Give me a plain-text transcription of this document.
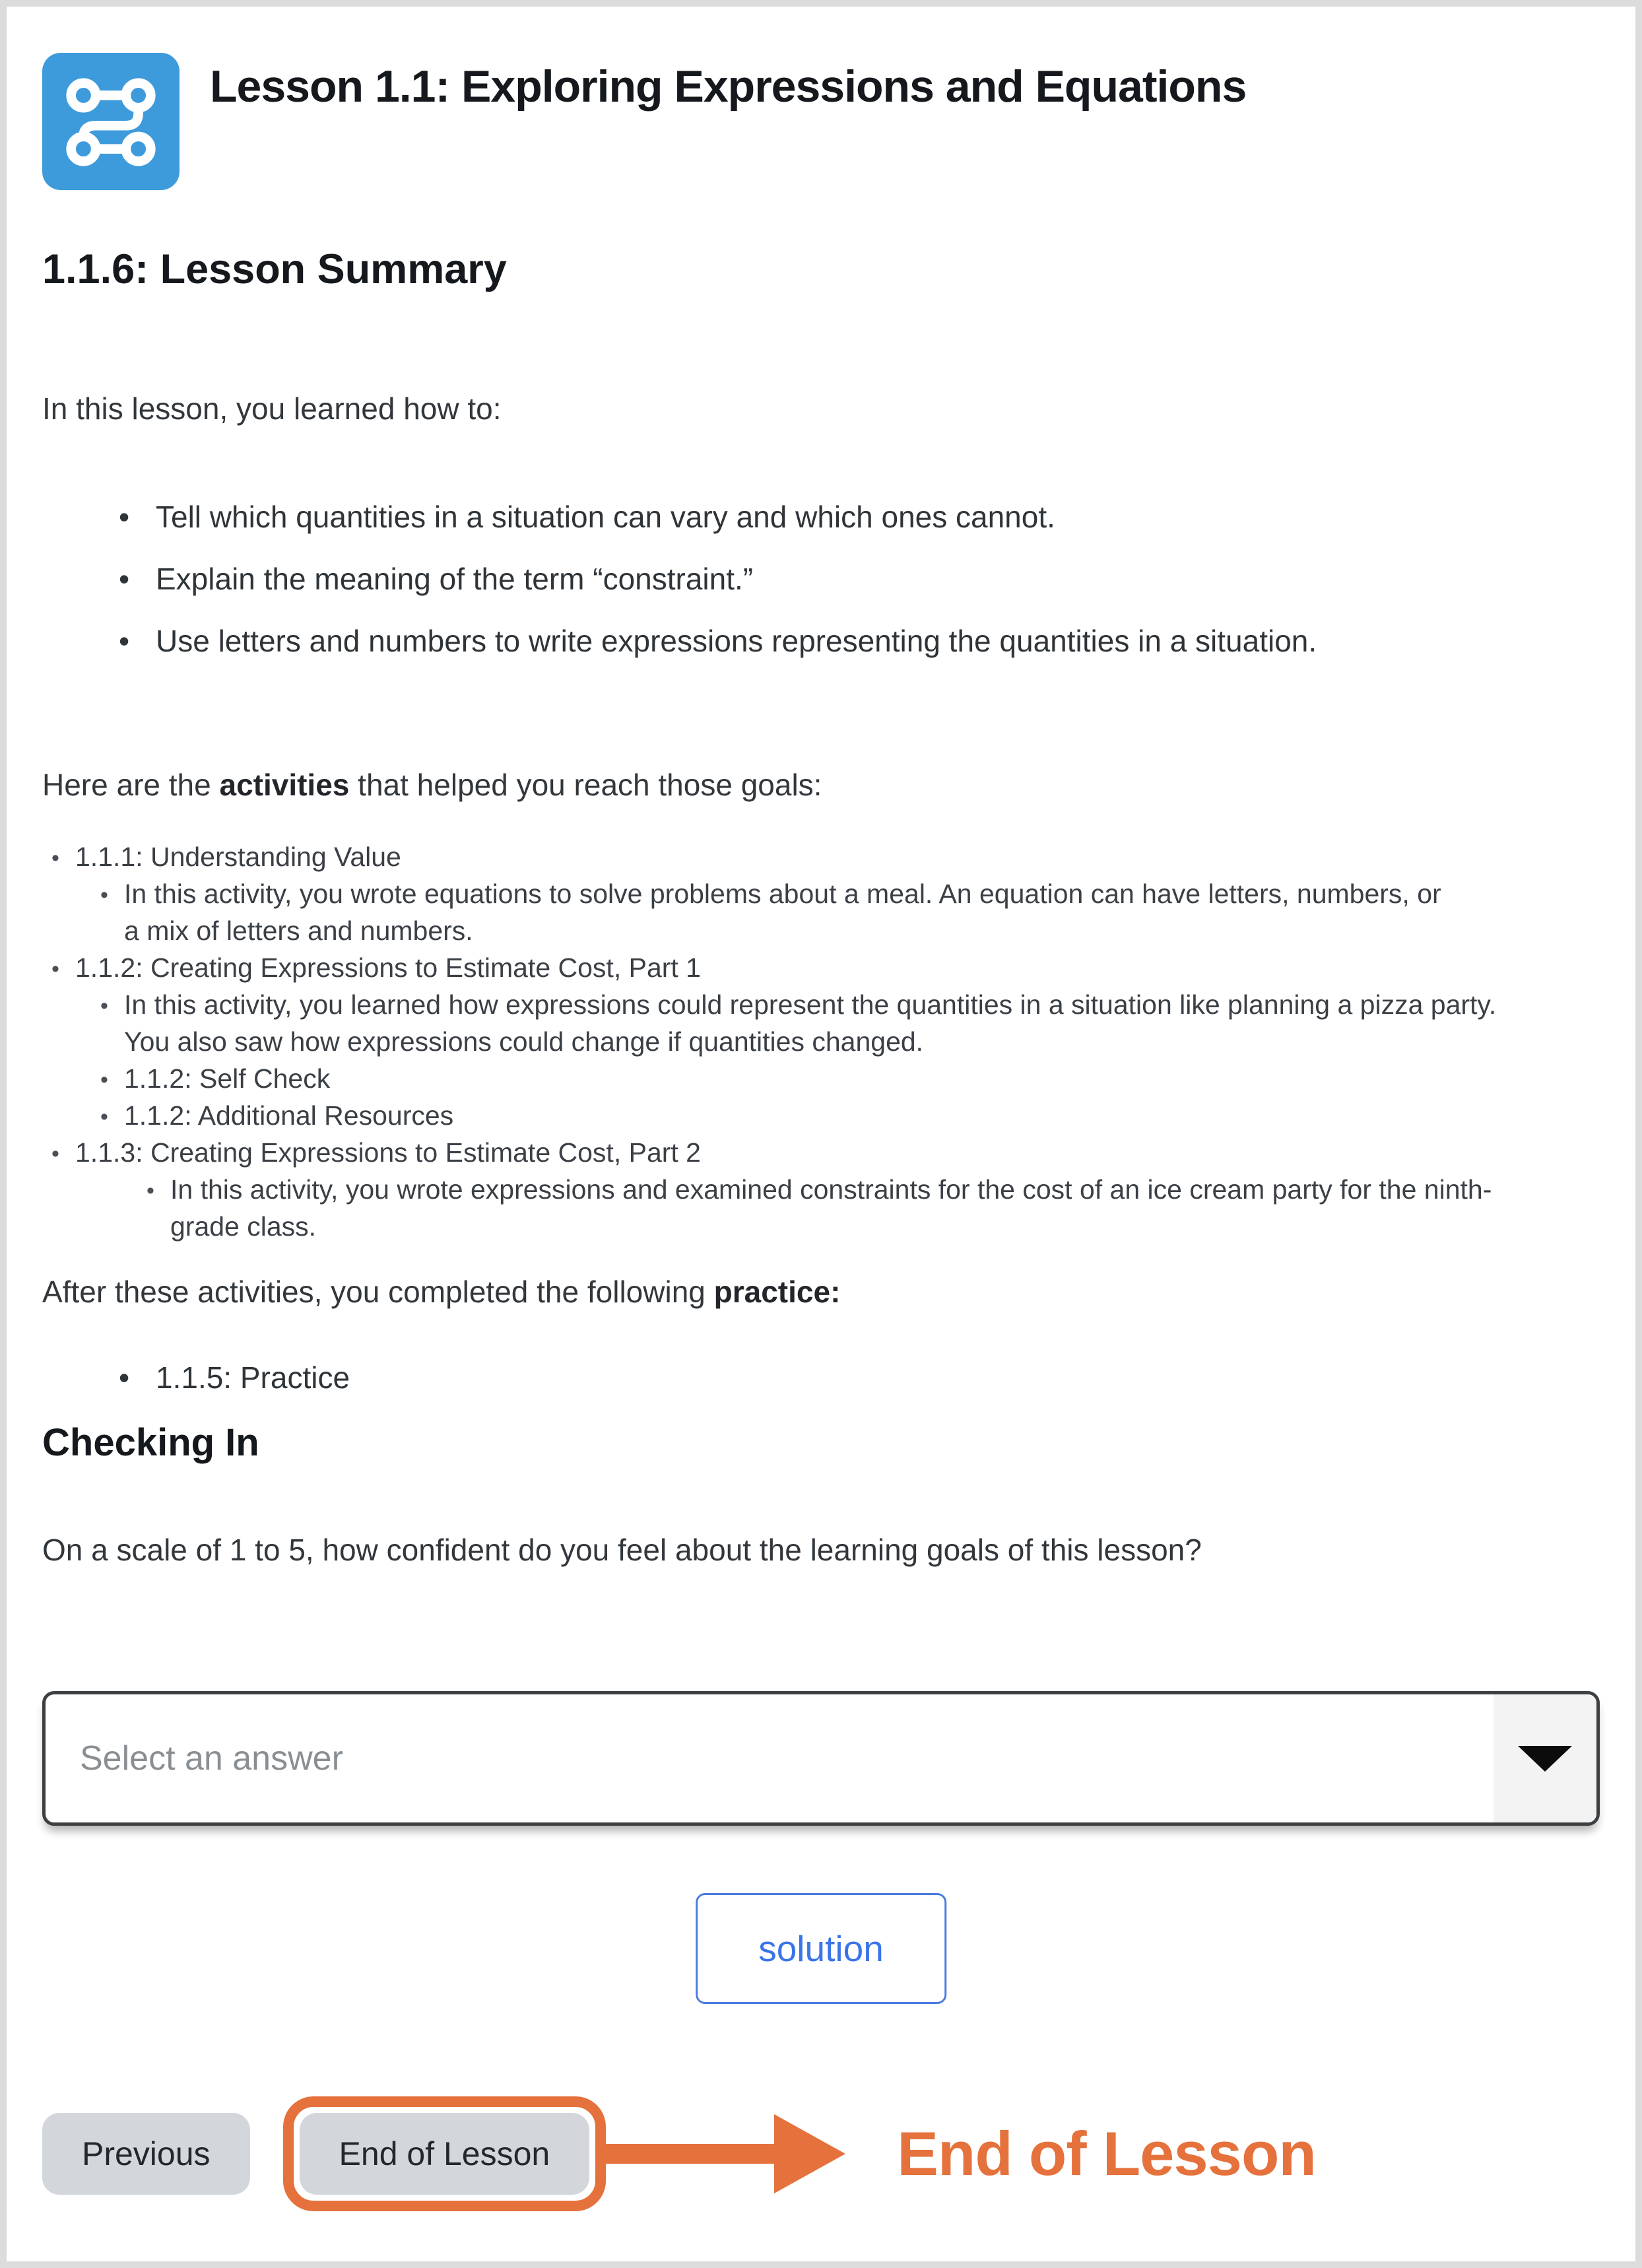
Lesson 1.1: Exploring Expressions and Equations
1.1.6: Lesson Summary
In this lesson, you learned how to:
• Tell which quantities in a situation can vary and which ones cannot.
• Explain the meaning of the term “constraint.”
• Use letters and numbers to write expressions representing the quantities in a situation.
Here are the activities that helped you reach those goals:
• 1.1.1: Understanding Value
• In this activity, you wrote equations to solve problems about a meal. An equation can have letters, numbers, or a mix of letters and numbers.
• 1.1.2: Creating Expressions to Estimate Cost, Part 1
• In this activity, you learned how expressions could represent the quantities in a situation like planning a pizza party. You also saw how expressions could change if quantities changed.
• 1.1.2: Self Check
• 1.1.2: Additional Resources
• 1.1.3: Creating Expressions to Estimate Cost, Part 2
• In this activity, you wrote expressions and examined constraints for the cost of an ice cream party for the ninth-grade class.
After these activities, you completed the following practice:
• 1.1.5: Practice
Checking In
On a scale of 1 to 5, how confident do you feel about the learning goals of this lesson?
Select an answer
solution
Previous	End of Lesson	End of Lesson
